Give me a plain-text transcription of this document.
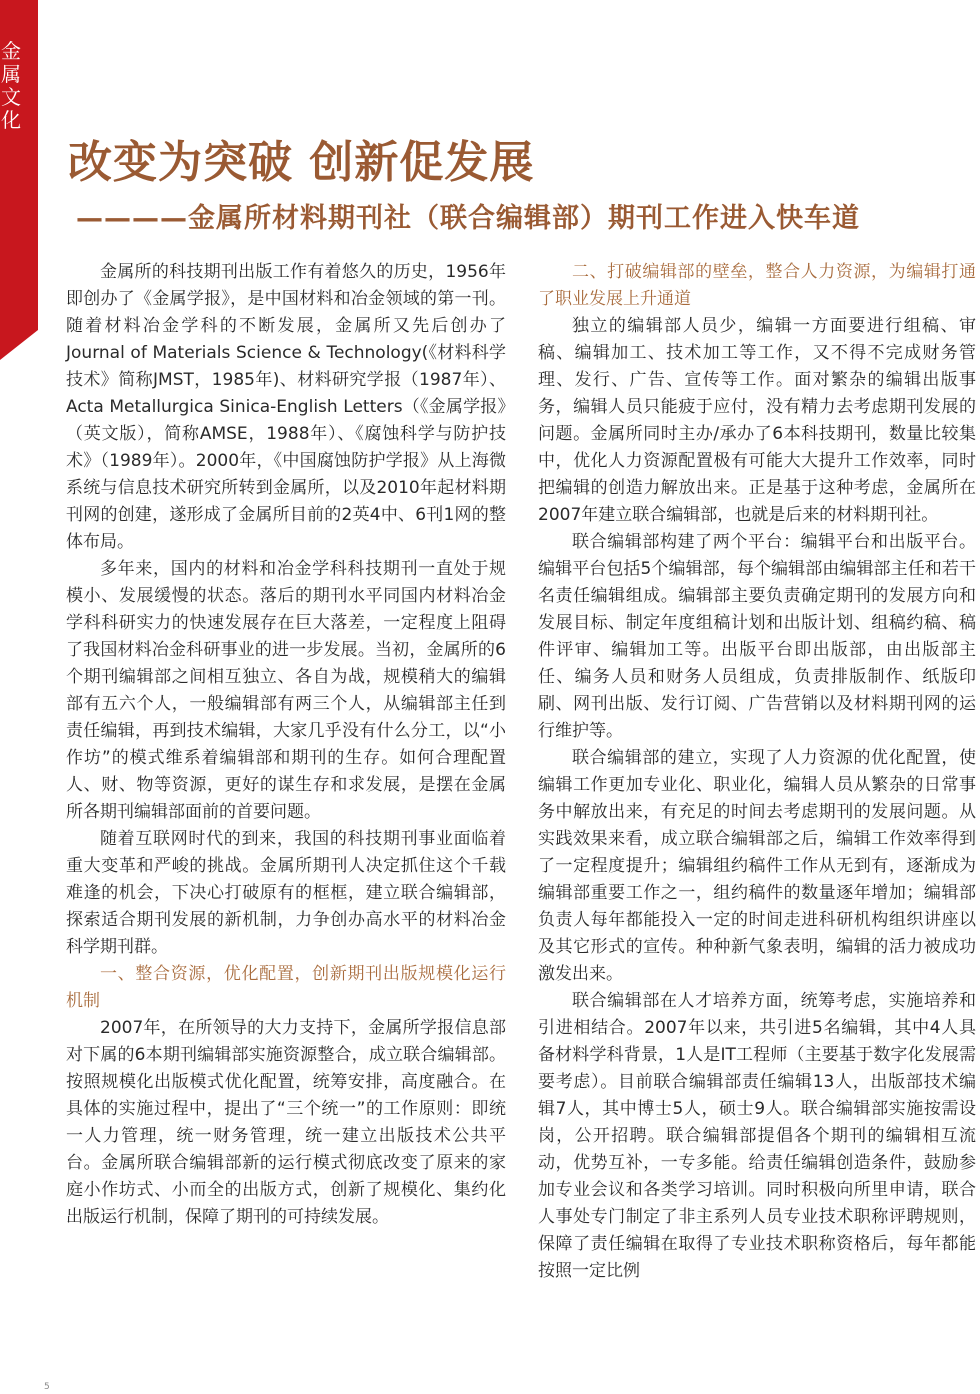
金
属
文
化
改变为突破 创新促发展
————金属所材料期刊社（联合编辑部）期刊工作进入快车道

金属所的科技期刊出版工作有着悠久的历史，1956年即创办了《金属学报》，是中国材料和冶金领域的第一刊。随着材料冶金学科的不断发展，金属所又先后创办了Journal of Materials Science & Technology(《材料科学技术》简称JMST，1985年)、材料研究学报（1987年）、Acta Metallurgica Sinica-English Letters（《金属学报》（英文版），简称AMSE，1988年）、《腐蚀科学与防护技术》（1989年）。2000年，《中国腐蚀防护学报》从上海微系统与信息技术研究所转到金属所，以及2010年起材料期刊网的创建，遂形成了金属所目前的2英4中、6刊1网的整体布局。

多年来，国内的材料和冶金学科科技期刊一直处于规模小、发展缓慢的状态。落后的期刊水平同国内材料冶金学科科研实力的快速发展存在巨大落差，一定程度上阻碍了我国材料冶金科研事业的进一步发展。当初，金属所的6个期刊编辑部之间相互独立、各自为战，规模稍大的编辑部有五六个人，一般编辑部有两三个人，从编辑部主任到责任编辑，再到技术编辑，大家几乎没有什么分工，以“小作坊”的模式维系着编辑部和期刊的生存。如何合理配置人、财、物等资源，更好的谋生存和求发展，是摆在金属所各期刊编辑部面前的首要问题。

随着互联网时代的到来，我国的科技期刊事业面临着重大变革和严峻的挑战。金属所期刊人决定抓住这个千载难逢的机会，下决心打破原有的框框，建立联合编辑部，探索适合期刊发展的新机制，力争创办高水平的材料冶金科学期刊群。

一、整合资源，优化配置，创新期刊出版规模化运行机制

2007年，在所领导的大力支持下，金属所学报信息部对下属的6本期刊编辑部实施资源整合，成立联合编辑部。按照规模化出版模式优化配置，统筹安排，高度融合。在具体的实施过程中，提出了“三个统一”的工作原则：即统一人力管理，统一财务管理，统一建立出版技术公共平台。金属所联合编辑部新的运行模式彻底改变了原来的家庭小作坊式、小而全的出版方式，创新了规模化、集约化出版运行机制，保障了期刊的可持续发展。

二、打破编辑部的壁垒，整合人力资源，为编辑打通了职业发展上升通道

独立的编辑部人员少，编辑一方面要进行组稿、审稿、编辑加工、技术加工等工作，又不得不完成财务管理、发行、广告、宣传等工作。面对繁杂的编辑出版事务，编辑人员只能疲于应付，没有精力去考虑期刊发展的问题。金属所同时主办/承办了6本科技期刊，数量比较集中，优化人力资源配置极有可能大大提升工作效率，同时把编辑的创造力解放出来。正是基于这种考虑，金属所在2007年建立联合编辑部，也就是后来的材料期刊社。

联合编辑部构建了两个平台：编辑平台和出版平台。编辑平台包括5个编辑部，每个编辑部由编辑部主任和若干名责任编辑组成。编辑部主要负责确定期刊的发展方向和发展目标、制定年度组稿计划和出版计划、组稿约稿、稿件评审、编辑加工等。出版平台即出版部，由出版部主任、编务人员和财务人员组成，负责排版制作、纸版印刷、网刊出版、发行订阅、广告营销以及材料期刊网的运行维护等。

联合编辑部的建立，实现了人力资源的优化配置，使编辑工作更加专业化、职业化，编辑人员从繁杂的日常事务中解放出来，有充足的时间去考虑期刊的发展问题。从实践效果来看，成立联合编辑部之后，编辑工作效率得到了一定程度提升；编辑组约稿件工作从无到有，逐渐成为编辑部重要工作之一，组约稿件的数量逐年增加；编辑部负责人每年都能投入一定的时间走进科研机构组织讲座以及其它形式的宣传。种种新气象表明，编辑的活力被成功激发出来。

联合编辑部在人才培养方面，统筹考虑，实施培养和引进相结合。2007年以来，共引进5名编辑，其中4人具备材料学科背景，1人是IT工程师（主要基于数字化发展需要考虑）。目前联合编辑部责任编辑13人，出版部技术编辑7人，其中博士5人，硕士9人。联合编辑部实施按需设岗，公开招聘。联合编辑部提倡各个期刊的编辑相互流动，优势互补，一专多能。给责任编辑创造条件，鼓励参加专业会议和各类学习培训。同时积极向所里申请，联合人事处专门制定了非主系列人员专业技术职称评聘规则，保障了责任编辑在取得了专业技术职称资格后，每年都能按照一定比例

5
